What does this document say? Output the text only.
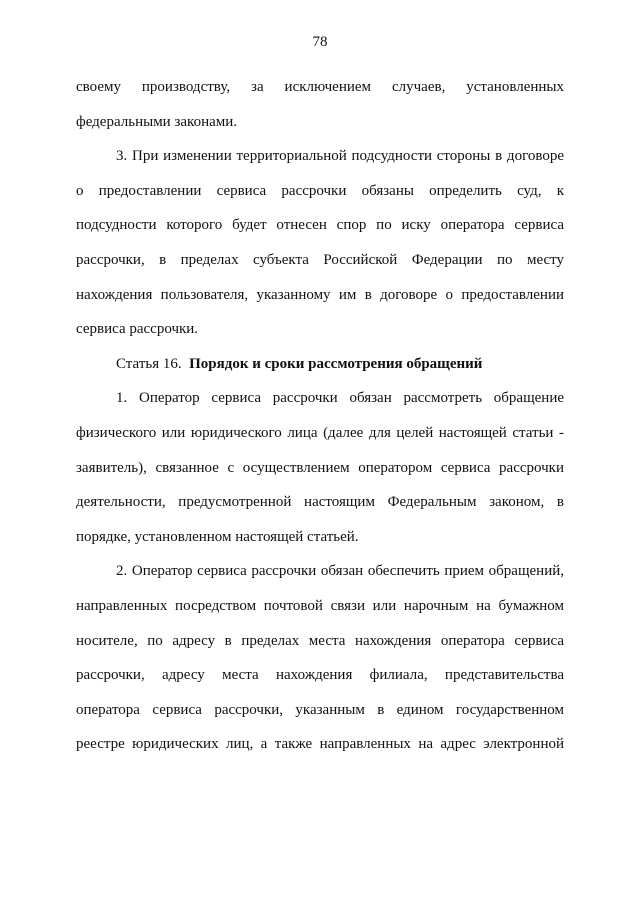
78
своему производству, за исключением случаев, установленных
федеральными законами.
3. При изменении территориальной подсудности стороны в договоре
о предоставлении сервиса рассрочки обязаны определить суд, к
подсудности которого будет отнесен спор по иску оператора сервиса
рассрочки, в пределах субъекта Российской Федерации по месту
нахождения пользователя, указанному им в договоре о предоставлении
сервиса рассрочки.
Статья 16. Порядок и сроки рассмотрения обращений
1. Оператор сервиса рассрочки обязан рассмотреть обращение
физического или юридического лица (далее для целей настоящей статьи -
заявитель), связанное с осуществлением оператором сервиса рассрочки
деятельности, предусмотренной настоящим Федеральным законом, в
порядке, установленном настоящей статьей.
2. Оператор сервиса рассрочки обязан обеспечить прием обращений,
направленных посредством почтовой связи или нарочным на бумажном
носителе, по адресу в пределах места нахождения оператора сервиса
рассрочки, адресу места нахождения филиала, представительства
оператора сервиса рассрочки, указанным в едином государственном
реестре юридических лиц, а также направленных на адрес электронной
